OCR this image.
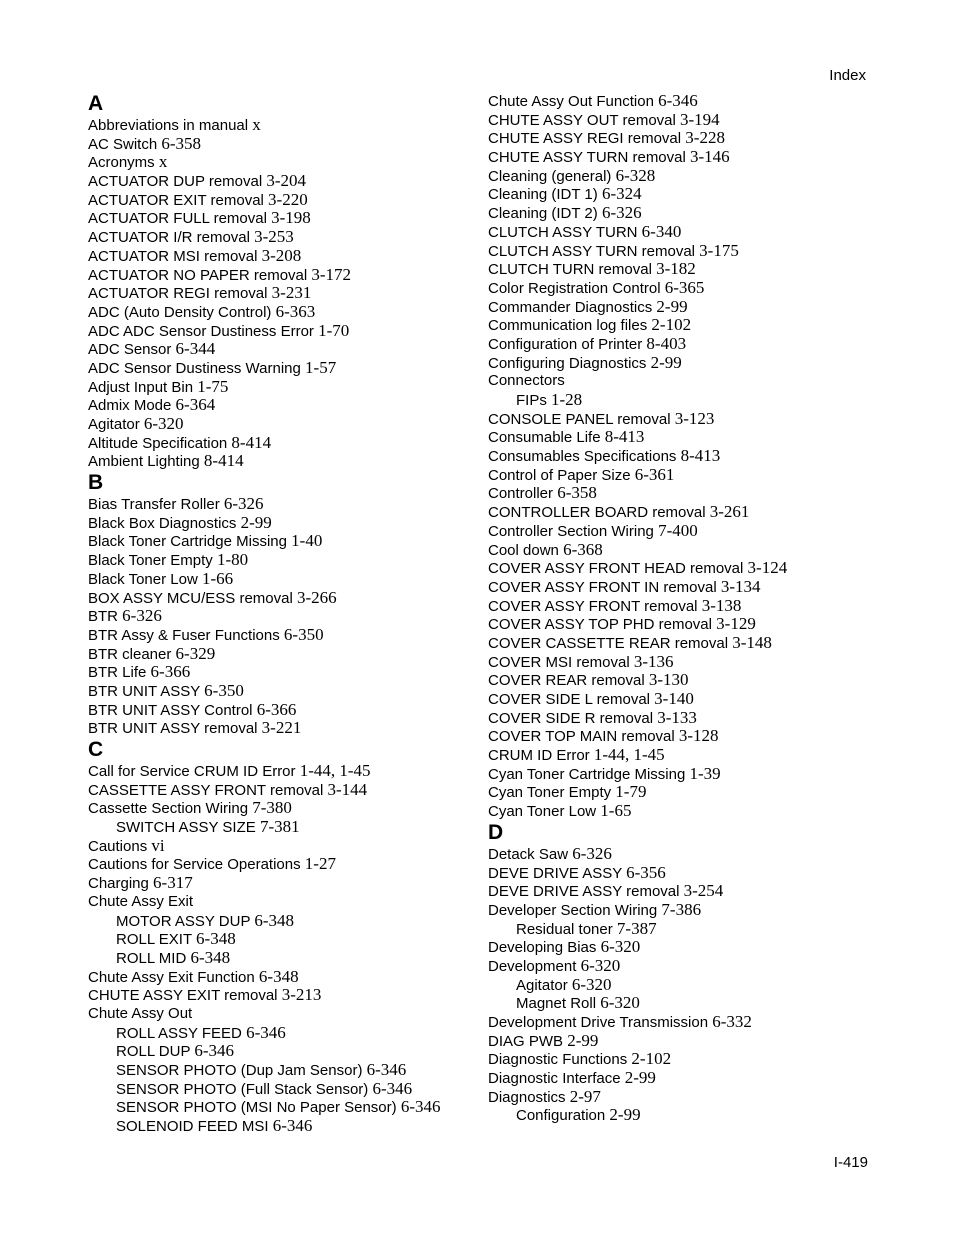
Index
A
Abbreviations in manual x
AC Switch 6-358
Acronyms x
ACTUATOR DUP removal 3-204
ACTUATOR EXIT removal 3-220
ACTUATOR FULL removal 3-198
ACTUATOR I/R removal 3-253
ACTUATOR MSI removal 3-208
ACTUATOR NO PAPER removal 3-172
ACTUATOR REGI removal 3-231
ADC (Auto Density Control) 6-363
ADC ADC Sensor Dustiness Error 1-70
ADC Sensor 6-344
ADC Sensor Dustiness Warning 1-57
Adjust Input Bin 1-75
Admix Mode 6-364
Agitator 6-320
Altitude Specification 8-414
Ambient Lighting 8-414
B
Bias Transfer Roller 6-326
Black Box Diagnostics 2-99
Black Toner Cartridge Missing 1-40
Black Toner Empty 1-80
Black Toner Low 1-66
BOX ASSY MCU/ESS removal 3-266
BTR 6-326
BTR Assy & Fuser Functions 6-350
BTR cleaner 6-329
BTR Life 6-366
BTR UNIT ASSY 6-350
BTR UNIT ASSY Control 6-366
BTR UNIT ASSY removal 3-221
C
Call for Service CRUM ID Error 1-44, 1-45
CASSETTE ASSY FRONT removal 3-144
Cassette Section Wiring 7-380
SWITCH ASSY SIZE 7-381
Cautions vi
Cautions for Service Operations 1-27
Charging 6-317
Chute Assy Exit
MOTOR ASSY DUP 6-348
ROLL EXIT 6-348
ROLL MID 6-348
Chute Assy Exit Function 6-348
CHUTE ASSY EXIT removal 3-213
Chute Assy Out
ROLL ASSY FEED 6-346
ROLL DUP 6-346
SENSOR PHOTO (Dup Jam Sensor) 6-346
SENSOR PHOTO (Full Stack Sensor) 6-346
SENSOR PHOTO (MSI No Paper Sensor) 6-346
SOLENOID FEED MSI 6-346
Chute Assy Out Function 6-346
CHUTE ASSY OUT removal 3-194
CHUTE ASSY REGI removal 3-228
CHUTE ASSY TURN removal 3-146
Cleaning (general) 6-328
Cleaning (IDT 1) 6-324
Cleaning (IDT 2) 6-326
CLUTCH ASSY TURN 6-340
CLUTCH ASSY TURN removal 3-175
CLUTCH TURN removal 3-182
Color Registration Control 6-365
Commander Diagnostics 2-99
Communication log files 2-102
Configuration of Printer 8-403
Configuring Diagnostics 2-99
Connectors
FIPs 1-28
CONSOLE PANEL removal 3-123
Consumable Life 8-413
Consumables Specifications 8-413
Control of Paper Size 6-361
Controller 6-358
CONTROLLER BOARD removal 3-261
Controller Section Wiring 7-400
Cool down 6-368
COVER ASSY FRONT HEAD removal 3-124
COVER ASSY FRONT IN removal 3-134
COVER ASSY FRONT removal 3-138
COVER ASSY TOP PHD removal 3-129
COVER CASSETTE REAR removal 3-148
COVER MSI removal 3-136
COVER REAR removal 3-130
COVER SIDE L removal 3-140
COVER SIDE R removal 3-133
COVER TOP MAIN removal 3-128
CRUM ID Error 1-44, 1-45
Cyan Toner Cartridge Missing 1-39
Cyan Toner Empty 1-79
Cyan Toner Low 1-65
D
Detack Saw 6-326
DEVE DRIVE ASSY 6-356
DEVE DRIVE ASSY removal 3-254
Developer Section Wiring 7-386
Residual toner 7-387
Developing Bias 6-320
Development 6-320
Agitator 6-320
Magnet Roll 6-320
Development Drive Transmission 6-332
DIAG PWB 2-99
Diagnostic Functions 2-102
Diagnostic Interface 2-99
Diagnostics 2-97
Configuration 2-99
I-419
